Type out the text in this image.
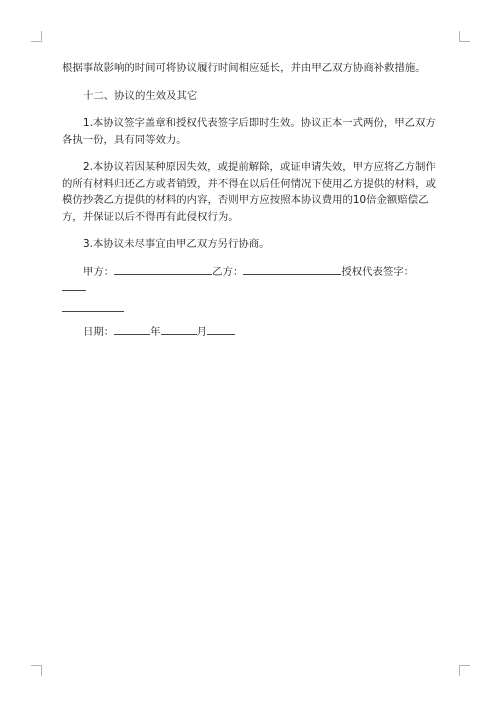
根据事故影响的时间可将协议履行时间相应延长，并由甲乙双方协商补救措施。

十二、协议的生效及其它

1.本协议签字盖章和授权代表签字后即时生效。协议正本一式两份，甲乙双方各执一份，具有同等效力。

2.本协议若因某种原因失效，或提前解除，或证申请失效，甲方应将乙方制作的所有材料归还乙方或者销毁，并不得在以后任何情况下使用乙方提供的材料，或模仿抄袭乙方提供的材料的内容，否则甲方应按照本协议费用的10倍金额赔偿乙方，并保证以后不得再有此侵权行为。

3.本协议未尽事宜由甲乙双方另行协商。

甲方：	乙方：	授权代表签字：

日期：	年	月
